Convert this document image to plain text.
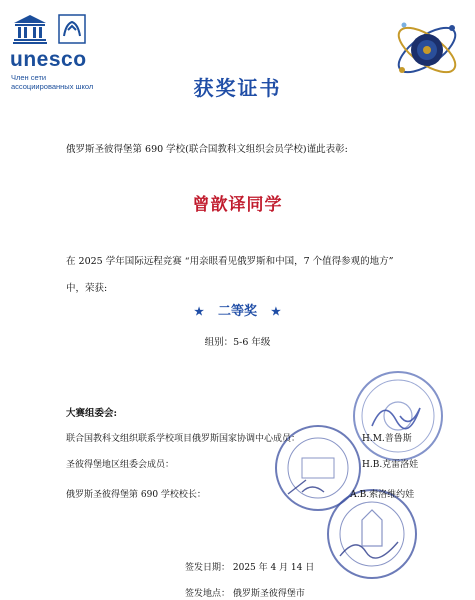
unesco
Член сети
ассоциированных школ	获奖证书
俄罗斯圣彼得堡第 690 学校(联合国教科文组织会员学校)谨此表彰:
曾歆译同学
在 2025 学年国际远程竞赛 “用亲眼看见俄罗斯和中国，7 个值得参观的地方”
中，荣获:
★ 二等奖 ★
组别：5-6 年级
大赛组委会:
联合国教科文组织联系学校项目俄罗斯国家协调中心成员：	Н.М.普鲁斯
圣彼得堡地区组委会成员：	Н.В.克雷洛娃
俄罗斯圣彼得堡第 690 学校校长：	А.В.索洛维约娃
签发日期： 2025 年 4 月 14 日
签发地点： 俄罗斯圣彼得堡市
